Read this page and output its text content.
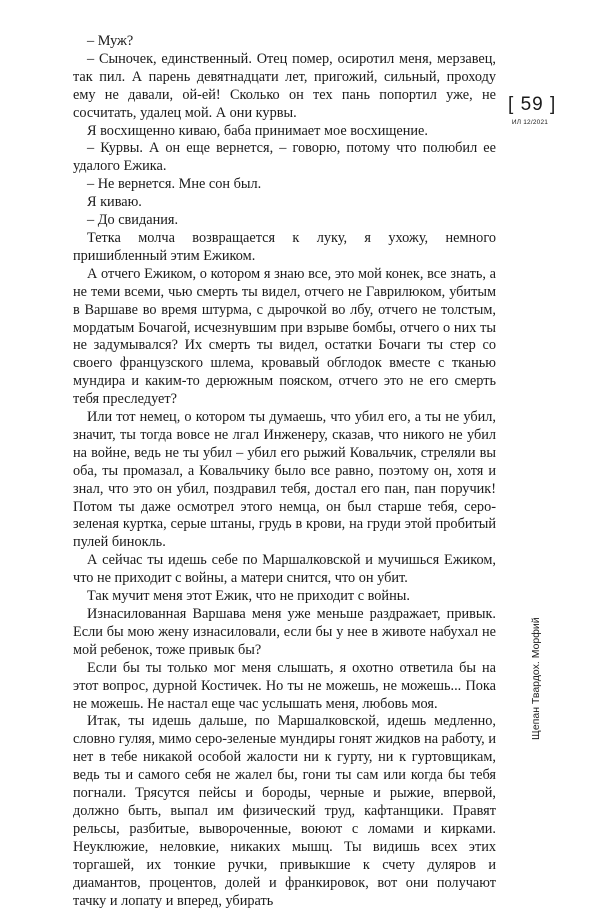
– Муж?

– Сыночек, единственный. Отец помер, осиротил меня, мерзавец, так пил. А парень девятнадцати лет, пригожий, сильный, проходу ему не давали, ой-ей! Сколько он тех пань попортил уже, не сосчитать, удалец мой. А они курвы.

Я восхищенно киваю, баба принимает мое восхищение.

– Курвы. А он еще вернется, – говорю, потому что полюбил ее удалого Ежика.

– Не вернется. Мне сон был.

Я киваю.

– До свидания.

Тетка молча возвращается к луку, я ухожу, немного пришибленный этим Ежиком.

А отчего Ежиком, о котором я знаю все, это мой конек, все знать, а не теми всеми, чью смерть ты видел, отчего не Гаврилюком, убитым в Варшаве во время штурма, с дырочкой во лбу, отчего не толстым, мордатым Бочагой, исчезнувшим при взрыве бомбы, отчего о них ты не задумывался? Их смерть ты видел, остатки Бочаги ты стер со своего французского шлема, кровавый обглодок вместе с тканью мундира и каким-то дерюжным пояском, отчего это не его смерть тебя преследует?

Или тот немец, о котором ты думаешь, что убил его, а ты не убил, значит, ты тогда вовсе не лгал Инженеру, сказав, что никого не убил на войне, ведь не ты убил – убил его рыжий Ковальчик, стреляли вы оба, ты промазал, а Ковальчику было все равно, поэтому он, хотя и знал, что это он убил, поздравил тебя, достал его пан, пан поручик! Потом ты даже осмотрел этого немца, он был старше тебя, серо-зеленая куртка, серые штаны, грудь в крови, на груди этой пробитый пулей бинокль.

А сейчас ты идешь себе по Маршалковской и мучишься Ежиком, что не приходит с войны, а матери снится, что он убит.

Так мучит меня этот Ежик, что не приходит с войны.

Изнасилованная Варшава меня уже меньше раздражает, привык. Если бы мою жену изнасиловали, если бы у нее в животе набухал не мой ребенок, тоже привык бы?

Если бы ты только мог меня слышать, я охотно ответила бы на этот вопрос, дурной Костичек. Но ты не можешь, не можешь... Пока не можешь. Не настал еще час услышать меня, любовь моя.

Итак, ты идешь дальше, по Маршалковской, идешь медленно, словно гуляя, мимо серо-зеленые мундиры гонят жидков на работу, и нет в тебе никакой особой жалости ни к гурту, ни к гуртовщикам, ведь ты и самого себя не жалел бы, гони ты сам или когда бы тебя погнали. Трясутся пейсы и бороды, черные и рыжие, впервой, должно быть, выпал им физический труд, кафтанщики. Правят рельсы, разбитые, вывороченные, воюют с ломами и кирками. Неуклюжие, неловкие, никаких мышц. Ты видишь всех этих торгашей, их тонкие ручки, привыкшие к счету дуляров и диамантов, процентов, долей и франкировок, вот они получают тачку и лопату и вперед, убирать

[ 59 ]
ИЛ 12/2021
Щепан Твардох. Морфий
